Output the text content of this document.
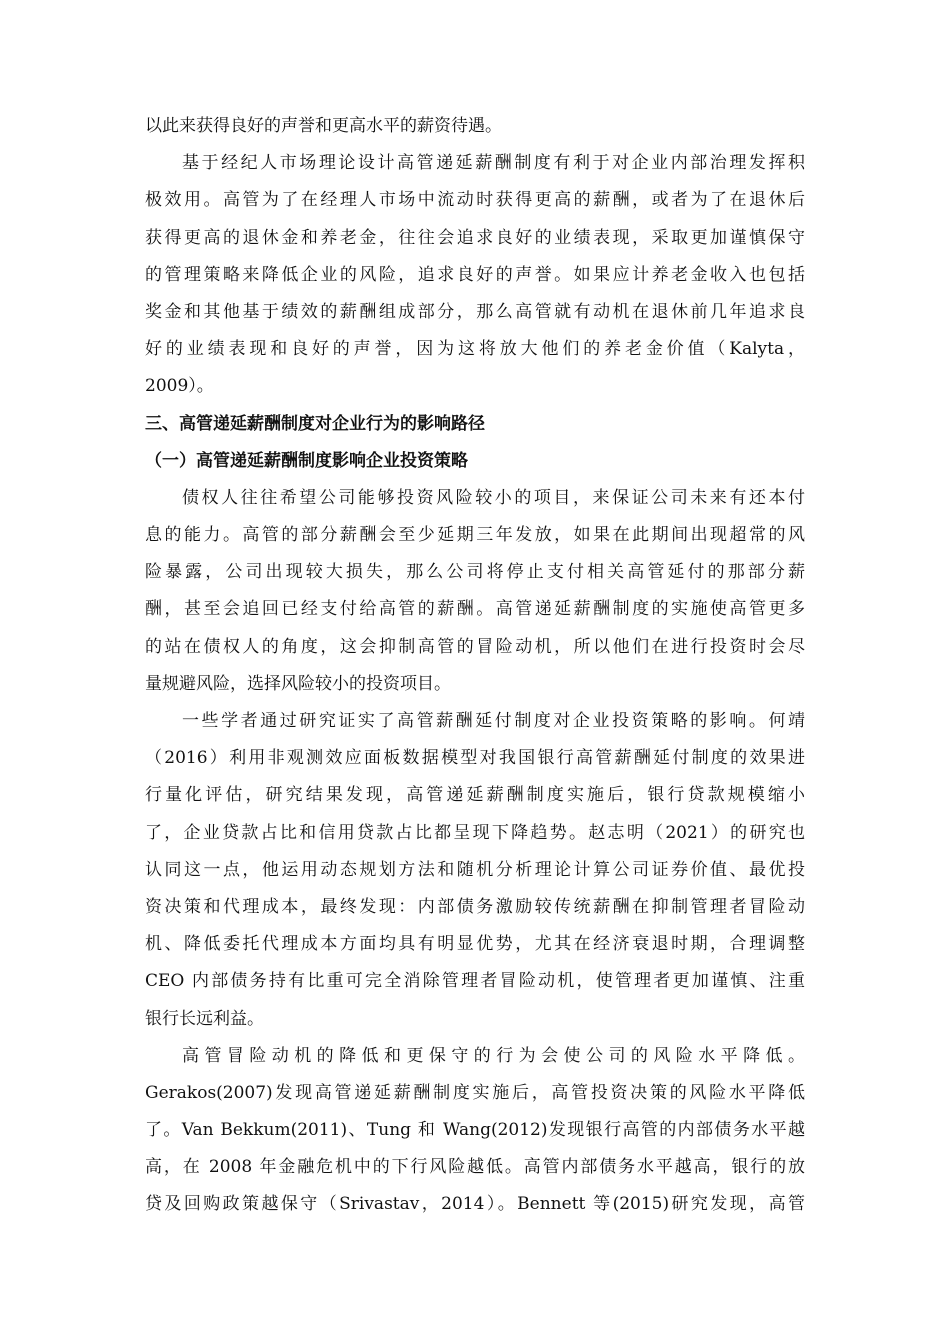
以此来获得良好的声誉和更高水平的薪资待遇。
基于经纪人市场理论设计高管递延薪酬制度有利于对企业内部治理发挥积
极效用。高管为了在经理人市场中流动时获得更高的薪酬，或者为了在退休后
获得更高的退休金和养老金，往往会追求良好的业绩表现，采取更加谨慎保守
的管理策略来降低企业的风险，追求良好的声誉。如果应计养老金收入也包括
奖金和其他基于绩效的薪酬组成部分，那么高管就有动机在退休前几年追求良
好的业绩表现和良好的声誉，因为这将放大他们的养老金价值（Kalyta，
2009）。
三、高管递延薪酬制度对企业行为的影响路径
（一）高管递延薪酬制度影响企业投资策略
债权人往往希望公司能够投资风险较小的项目，来保证公司未来有还本付
息的能力。高管的部分薪酬会至少延期三年发放，如果在此期间出现超常的风
险暴露，公司出现较大损失，那么公司将停止支付相关高管延付的那部分薪
酬，甚至会追回已经支付给高管的薪酬。高管递延薪酬制度的实施使高管更多
的站在债权人的角度，这会抑制高管的冒险动机，所以他们在进行投资时会尽
量规避风险，选择风险较小的投资项目。
一些学者通过研究证实了高管薪酬延付制度对企业投资策略的影响。何靖
（2016）利用非观测效应面板数据模型对我国银行高管薪酬延付制度的效果进
行量化评估，研究结果发现，高管递延薪酬制度实施后，银行贷款规模缩小
了，企业贷款占比和信用贷款占比都呈现下降趋势。赵志明（2021）的研究也
认同这一点，他运用动态规划方法和随机分析理论计算公司证券价值、最优投
资决策和代理成本，最终发现：内部债务激励较传统薪酬在抑制管理者冒险动
机、降低委托代理成本方面均具有明显优势，尤其在经济衰退时期，合理调整
CEO 内部债务持有比重可完全消除管理者冒险动机，使管理者更加谨慎、注重
银行长远利益。
高管冒险动机的降低和更保守的行为会使公司的风险水平降低。
Gerakos(2007)发现高管递延薪酬制度实施后，高管投资决策的风险水平降低
了。Van Bekkum(2011)、Tung 和 Wang(2012)发现银行高管的内部债务水平越
高，在 2008 年金融危机中的下行风险越低。高管内部债务水平越高，银行的放
贷及回购政策越保守（Srivastav，2014）。Bennett 等(2015)研究发现，高管
